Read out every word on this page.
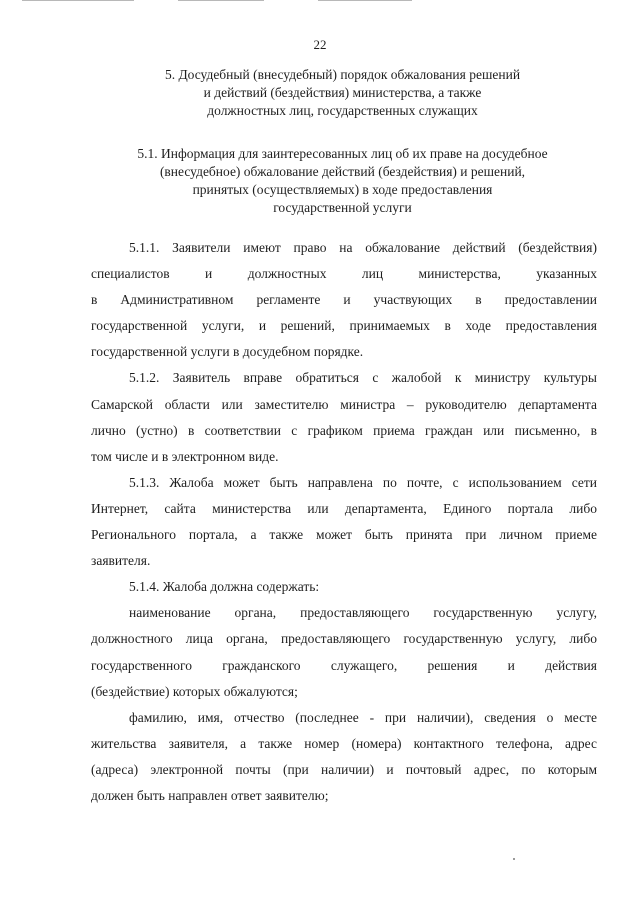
22
5. Досудебный (внесудебный) порядок обжалования решений
и действий (бездействия) министерства, а также
должностных лиц, государственных служащих
5.1. Информация для заинтересованных лиц об их праве на досудебное
(внесудебное) обжалование действий (бездействия) и решений,
принятых (осуществляемых) в ходе предоставления
государственной услуги
5.1.1. Заявители имеют право на обжалование действий (бездействия)
специалистов и должностных лиц министерства, указанных
в Административном регламенте и участвующих в предоставлении
государственной услуги, и решений, принимаемых в ходе предоставления
государственной услуги в досудебном порядке.
5.1.2. Заявитель вправе обратиться с жалобой к министру культуры
Самарской области или заместителю министра – руководителю департамента
лично (устно) в соответствии с графиком приема граждан или письменно, в
том числе и в электронном виде.
5.1.3. Жалоба может быть направлена по почте, с использованием сети
Интернет, сайта министерства или департамента, Единого портала либо
Регионального портала, а также может быть принята при личном приеме
заявителя.
5.1.4. Жалоба должна содержать:
наименование органа, предоставляющего государственную услугу,
должностного лица органа, предоставляющего государственную услугу, либо
государственного гражданского служащего, решения и действия
(бездействие) которых обжалуются;
фамилию, имя, отчество (последнее - при наличии), сведения о месте
жительства заявителя, а также номер (номера) контактного телефона, адрес
(адреса) электронной почты (при наличии) и почтовый адрес, по которым
должен быть направлен ответ заявителю;
